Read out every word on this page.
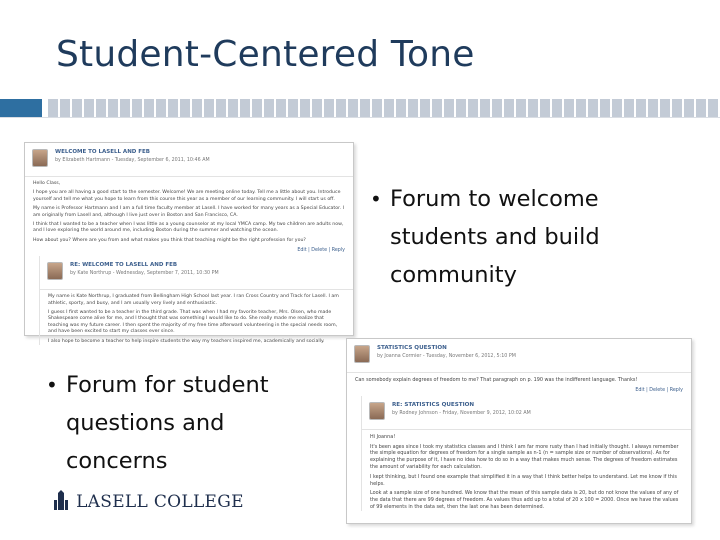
Student-Centered Tone
WELCOME TO LASELL AND FEB
by Elizabeth Hartmann - Tuesday, September 6, 2011, 10:46 AM

Hello Class,

I hope you are all having a good start to the semester. Welcome! We are meeting online today. Tell me a little about you. Introduce yourself and tell me what you hope to learn from this course this year as a member of our learning community. I will start us off.

My name is Professor Hartmann and I am a full time faculty member at Lasell. I have worked for many years as a Special Educator. I am originally from Lasell and, although I live just over in Boston and San Francisco, CA.

I think that I wanted to be a teacher when I was little as a young counselor at my local YMCA camp. My two children are adults now, and I love exploring the world around me, including Boston during the summer and watching the ocean.

How about you? Where are you from and what makes you think that teaching might be the right profession for you?

Edit | Delete | Reply
RE: WELCOME TO LASELL AND FEB
by Kate Northrup - Wednesday, September 7, 2011, 10:30 PM

My name is Kate Northrup, I graduated from Bellingham High School last year. I ran Cross Country and Track for Lasell. I am athletic, sporty, and busy, and I am usually very lively and enthusiastic.

I guess I first wanted to be a teacher in the third grade. That was when I had my favorite teacher, Mrs. Olsen, who made Shakespeare come alive for me, and I thought that was something I would like to do. She really made me realize that teaching was my future career. I then spent the majority of my free time afterward volunteering in the special needs room, and have been excited to start my classes ever since.

I also hope to become a teacher to help inspire students the way my teachers inspired me, academically and socially.

• Forum to welcome
students and build
community
• Forum for student
questions and
concerns
STATISTICS QUESTION
by Joanna Cormier - Tuesday, November 6, 2012, 5:10 PM

Can somebody explain degrees of freedom to me? That paragraph on p. 190 was the indifferent language. Thanks!

Edit | Delete | Reply
RE: STATISTICS QUESTION
by Rodney Johnson - Friday, November 9, 2012, 10:02 AM

Hi Joanna!

It's been ages since I took my statistics classes and I think I am far more rusty than I had initially thought. I always remember the simple equation for degrees of freedom for a single sample as n-1 (n = sample size or number of observations). As for explaining the purpose of it, I have no idea how to do so in a way that makes much sense. The degrees of freedom estimates the amount of variability for each calculation.

I kept thinking, but I found one example that simplified it in a way that I think better helps to understand. Let me know if this helps.

Look at a sample size of one hundred. We know that the mean of this sample data is 20, but do not know the values of any of the data that there are 99 degrees of freedom. As values thus add up to a total of 20 x 100 = 2000. Once we have the values of 99 elements in the data set, then the last one has been determined.

LASELL COLLEGE
